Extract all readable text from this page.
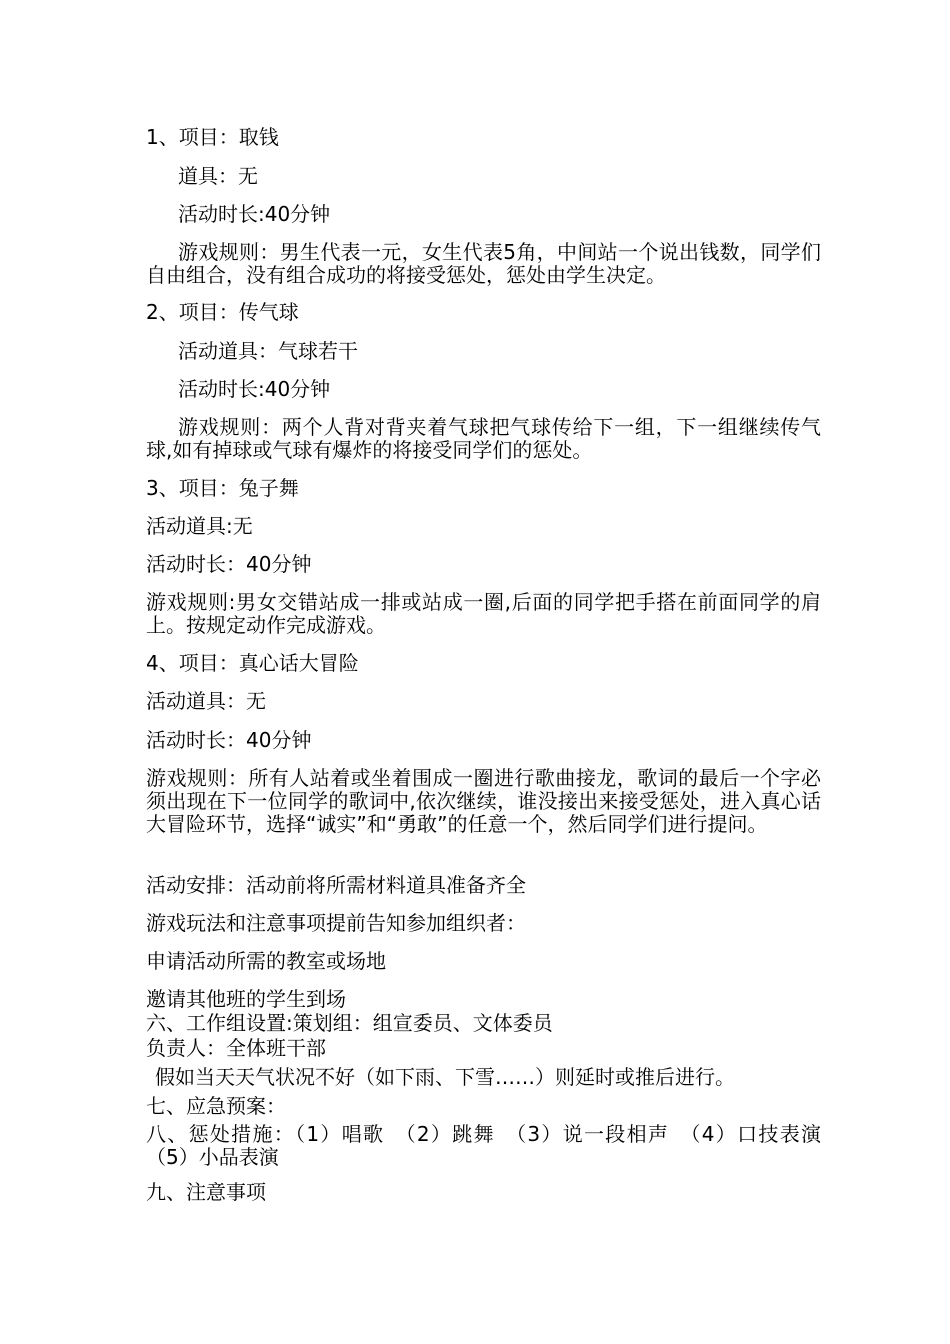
1、项目：取钱
道具：无
活动时长:40分钟
游戏规则：男生代表一元，女生代表5角，中间站一个说出钱数，同学们自由组合，没有组合成功的将接受惩处，惩处由学生决定。
2、项目：传气球
活动道具：气球若干
活动时长:40分钟
游戏规则：两个人背对背夹着气球把气球传给下一组，下一组继续传气球,如有掉球或气球有爆炸的将接受同学们的惩处。
3、项目：兔子舞
活动道具:无
活动时长：40分钟
游戏规则:男女交错站成一排或站成一圈,后面的同学把手搭在前面同学的肩上。按规定动作完成游戏。
4、项目：真心话大冒险
活动道具：无
活动时长：40分钟
游戏规则：所有人站着或坐着围成一圈进行歌曲接龙，歌词的最后一个字必须出现在下一位同学的歌词中,依次继续，谁没接出来接受惩处，进入真心话大冒险环节，选择“诚实”和“勇敢”的任意一个，然后同学们进行提问。
活动安排：活动前将所需材料道具准备齐全
游戏玩法和注意事项提前告知参加组织者：
申请活动所需的教室或场地
邀请其他班的学生到场
六、工作组设置:策划组：组宣委员、文体委员
负责人：全体班干部
假如当天天气状况不好（如下雨、下雪……）则延时或推后进行。
七、应急预案：
八、惩处措施：（1）唱歌　（2）跳舞　（3）说一段相声　（4）口技表演　（5）小品表演
九、注意事项
